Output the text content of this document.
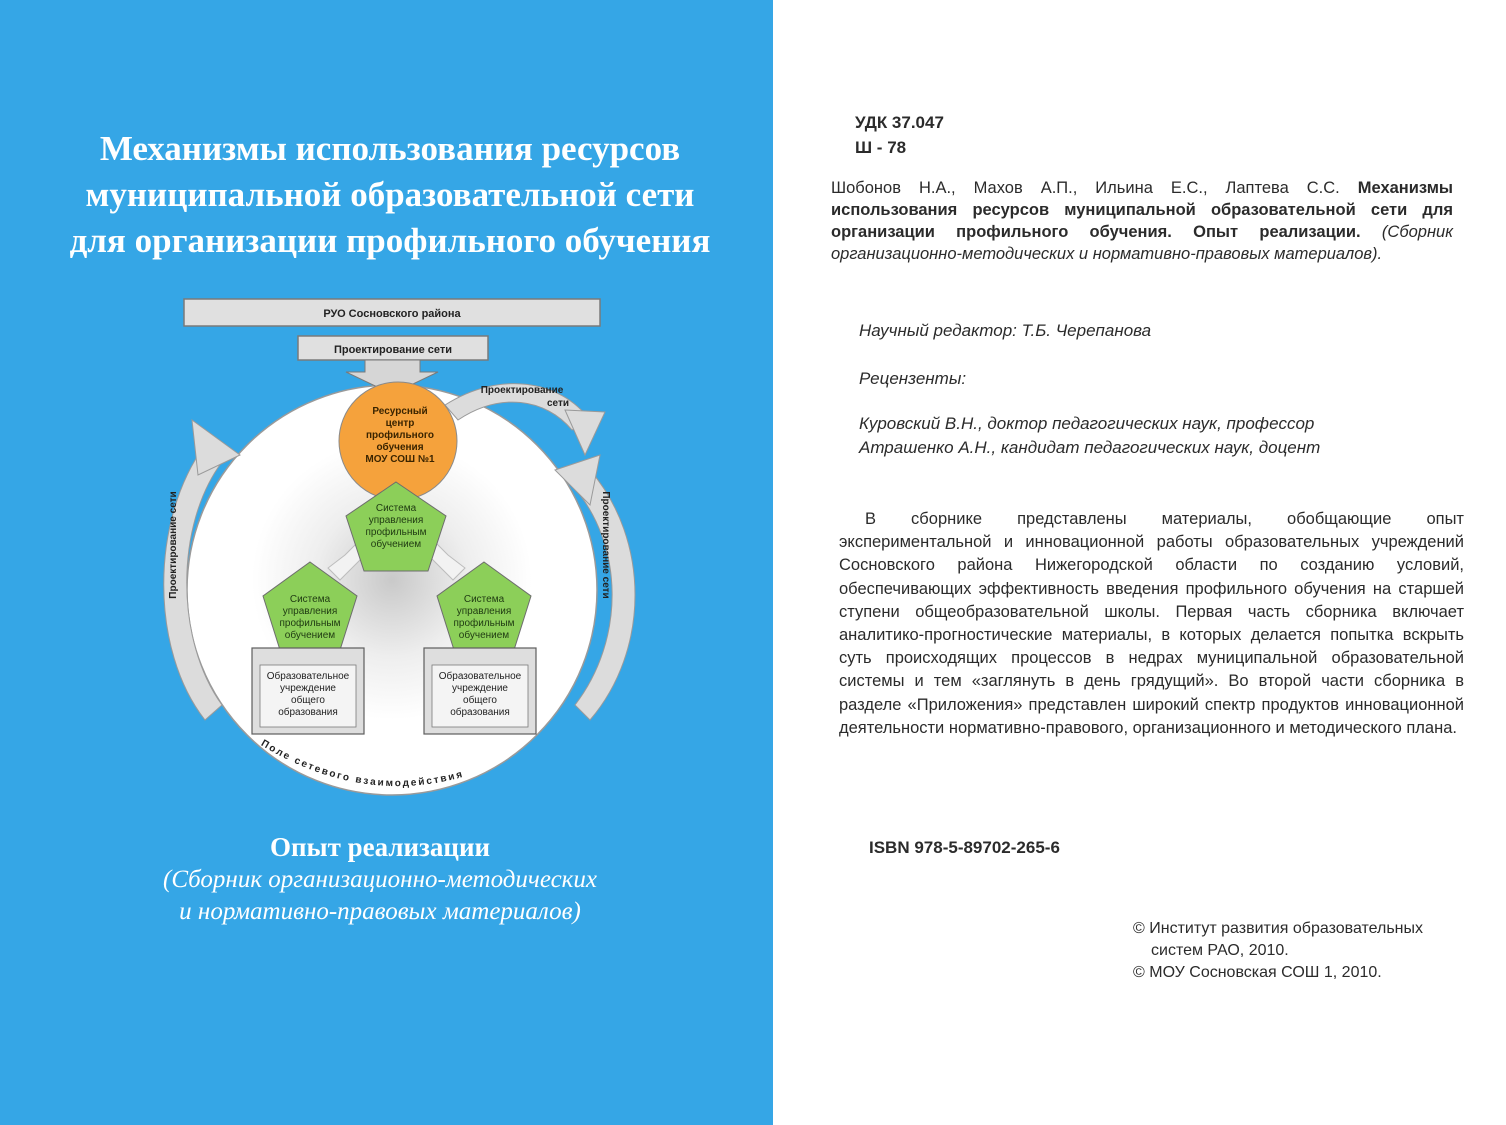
Механизмы использования ресурсов
муниципальной образовательной сети
для организации профильного обучения
РУО Сосновского района
Проектирование сети
Проектирование
сети
Проектирование сети	Проектирование сети
Ресурсный
центр
профильного
обучения
МОУ СОШ №1
Система
управления
профильным
обучением
Система
управления
профильным
обучением
Система
управления
профильным
обучением
Образовательное
учреждение
общего
образования
Образовательное
учреждение
общего
образования
Поле сетевого взаимодействия
Опыт реализации
(Сборник организационно-методических
и нормативно-правовых материалов)
УДК 37.047
Ш - 78

Шобонов Н.А., Махов А.П., Ильина Е.С., Лаптева С.С. Механизмы использования ресурсов муниципальной образовательной сети для организации профильного обучения. Опыт реализации. (Сборник организационно-методических и нормативно-правовых материалов).

Научный редактор: Т.Б. Черепанова

Рецензенты:

Куровский В.Н., доктор педагогических наук, профессор
Атрашенко А.Н., кандидат педагогических наук, доцент

В сборнике представлены материалы, обобщающие опыт экспериментальной и инновационной работы образовательных учреждений Сосновского района Нижегородской области по созданию условий, обеспечивающих эффективность введения профильного обучения на старшей ступени общеобразовательной школы. Первая часть сборника включает аналитико-прогностические материалы, в которых делается попытка вскрыть суть происходящих процессов в недрах муниципальной образовательной системы и тем «заглянуть в день грядущий». Во второй части сборника в разделе «Приложения» представлен широкий спектр продуктов инновационной деятельности нормативно-правового, организационного и методического плана.

ISBN 978-5-89702-265-6

© Институт развития образовательных
систем РАО, 2010.
© МОУ Сосновская СОШ 1, 2010.
